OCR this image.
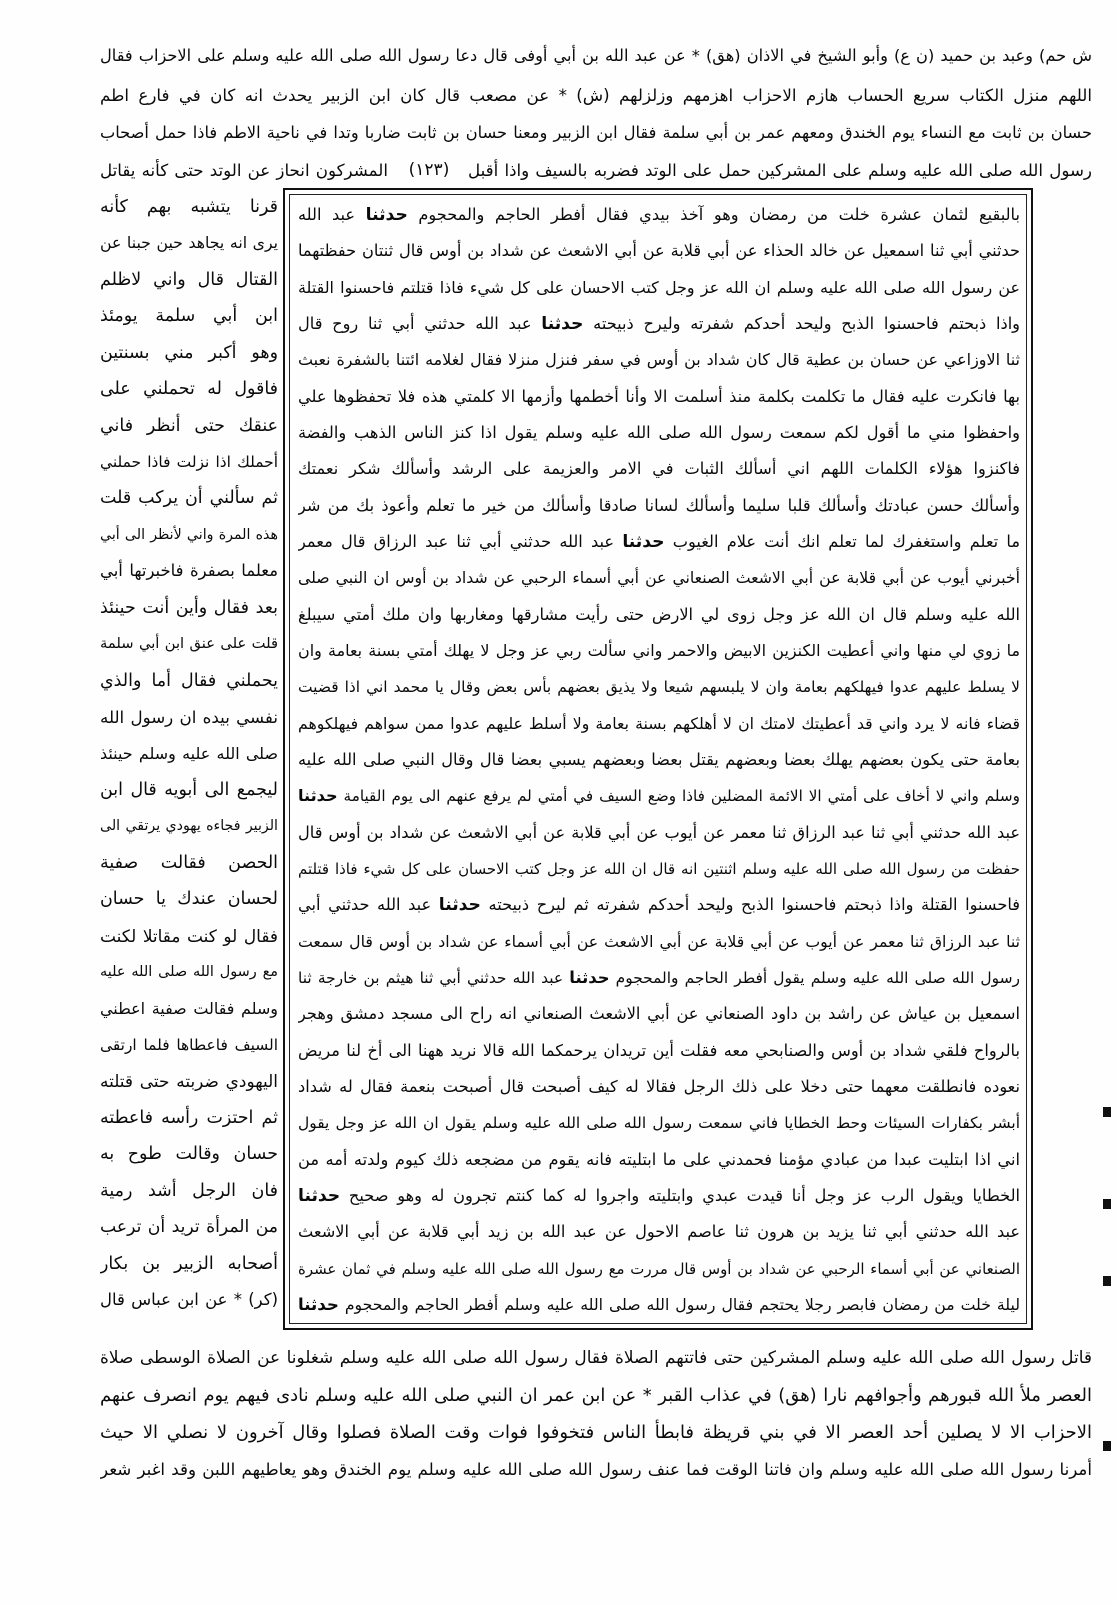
ش حم) وعبد بن حميد (ن ع) وأبو الشيخ في الاذان (هق) * عن عبد الله بن أبي أوفى قال دعا رسول الله صلى الله عليه وسلم على الاحزاب فقال
اللهم منزل الكتاب سريع الحساب هازم الاحزاب اهزمهم وزلزلهم (ش) * عن مصعب قال كان ابن الزبير يحدث انه كان في فارع اطم
حسان بن ثابت مع النساء يوم الخندق ومعهم عمر بن أبي سلمة فقال ابن الزبير ومعنا حسان بن ثابت ضاربا وتدا في ناحية الاطم فاذا حمل أصحاب
رسول الله صلى الله عليه وسلم على المشركين حمل على الوتد فضربه بالسيف واذا أقبل
(١٢٣)
المشركون انحاز عن الوتد حتى كأنه يقاتل
بالبقيع لثمان عشرة خلت من رمضان وهو آخذ بيدي فقال أفطر الحاجم والمحجوم حدثنا عبد الله
حدثني أبي ثنا اسمعيل عن خالد الحذاء عن أبي قلابة عن أبي الاشعث عن شداد بن أوس قال ثنتان حفظتهما
عن رسول الله صلى الله عليه وسلم ان الله عز وجل كتب الاحسان على كل شيء فاذا قتلتم فاحسنوا القتلة
واذا ذبحتم فاحسنوا الذبح وليحد أحدكم شفرته وليرح ذبيحته حدثنا عبد الله حدثني أبي ثنا روح قال
ثنا الاوزاعي عن حسان بن عطية قال كان شداد بن أوس في سفر فنزل منزلا فقال لغلامه ائتنا بالشفرة نعبث
بها فانكرت عليه فقال ما تكلمت بكلمة منذ أسلمت الا وأنا أخطمها وأزمها الا كلمتي هذه فلا تحفظوها علي
واحفظوا مني ما أقول لكم سمعت رسول الله صلى الله عليه وسلم يقول اذا كنز الناس الذهب والفضة
فاكنزوا هؤلاء الكلمات اللهم اني أسألك الثبات في الامر والعزيمة على الرشد وأسألك شكر نعمتك
وأسألك حسن عبادتك وأسألك قلبا سليما وأسألك لسانا صادقا وأسألك من خير ما تعلم وأعوذ بك من شر
ما تعلم واستغفرك لما تعلم انك أنت علام الغيوب حدثنا عبد الله حدثني أبي ثنا عبد الرزاق قال معمر
أخبرني أيوب عن أبي قلابة عن أبي الاشعث الصنعاني عن أبي أسماء الرحبي عن شداد بن أوس ان النبي صلى
الله عليه وسلم قال ان الله عز وجل زوى لي الارض حتى رأيت مشارقها ومغاربها وان ملك أمتي سيبلغ
ما زوي لي منها واني أعطيت الكنزين الابيض والاحمر واني سألت ربي عز وجل لا يهلك أمتي بسنة بعامة وان
لا يسلط عليهم عدوا فيهلكهم بعامة وان لا يلبسهم شيعا ولا يذيق بعضهم بأس بعض وقال يا محمد اني اذا قضيت
قضاء فانه لا يرد واني قد أعطيتك لامتك ان لا أهلكهم بسنة بعامة ولا أسلط عليهم عدوا ممن سواهم فيهلكوهم
بعامة حتى يكون بعضهم يهلك بعضا وبعضهم يقتل بعضا وبعضهم يسبي بعضا قال وقال النبي صلى الله عليه
وسلم واني لا أخاف على أمتي الا الائمة المضلين فاذا وضع السيف في أمتي لم يرفع عنهم الى يوم القيامة حدثنا
عبد الله حدثني أبي ثنا عبد الرزاق ثنا معمر عن أيوب عن أبي قلابة عن أبي الاشعث عن شداد بن أوس قال
حفظت من رسول الله صلى الله عليه وسلم اثنتين انه قال ان الله عز وجل كتب الاحسان على كل شيء فاذا قتلتم
فاحسنوا القتلة واذا ذبحتم فاحسنوا الذبح وليحد أحدكم شفرته ثم ليرح ذبيحته حدثنا عبد الله حدثني أبي
ثنا عبد الرزاق ثنا معمر عن أيوب عن أبي قلابة عن أبي الاشعث عن أبي أسماء عن شداد بن أوس قال سمعت
رسول الله صلى الله عليه وسلم يقول أفطر الحاجم والمحجوم حدثنا عبد الله حدثني أبي ثنا هيثم بن خارجة ثنا
اسمعيل بن عياش عن راشد بن داود الصنعاني عن أبي الاشعث الصنعاني انه راح الى مسجد دمشق وهجر
بالرواح فلقي شداد بن أوس والصنابحي معه فقلت أين تريدان يرحمكما الله قالا نريد ههنا الى أخ لنا مريض
نعوده فانطلقت معهما حتى دخلا على ذلك الرجل فقالا له كيف أصبحت قال أصبحت بنعمة فقال له شداد
أبشر بكفارات السيئات وحط الخطايا فاني سمعت رسول الله صلى الله عليه وسلم يقول ان الله عز وجل يقول
اني اذا ابتليت عبدا من عبادي مؤمنا فحمدني على ما ابتليته فانه يقوم من مضجعه ذلك كيوم ولدته أمه من
الخطايا ويقول الرب عز وجل أنا قيدت عبدي وابتليته واجروا له كما كنتم تجرون له وهو صحيح حدثنا
عبد الله حدثني أبي ثنا يزيد بن هرون ثنا عاصم الاحول عن عبد الله بن زيد أبي قلابة عن أبي الاشعث
الصنعاني عن أبي أسماء الرحبي عن شداد بن أوس قال مررت مع رسول الله صلى الله عليه وسلم في ثمان عشرة
ليلة خلت من رمضان فابصر رجلا يحتجم فقال رسول الله صلى الله عليه وسلم أفطر الحاجم والمحجوم حدثنا
قرنا يتشبه بهم كأنه
يرى انه يجاهد حين جبنا عن
القتال قال واني لاظلم
ابن أبي سلمة يومئذ
وهو أكبر مني بسنتين
فاقول له تحملني على
عنقك حتى أنظر فاني
أحملك اذا نزلت فاذا حملني
ثم سألني أن يركب قلت
هذه المرة واني لأنظر الى أبي
معلما بصفرة فاخبرتها أبي
بعد فقال وأين أنت حينئذ
قلت على عنق ابن أبي سلمة
يحملني فقال أما والذي
نفسي بيده ان رسول الله
صلى الله عليه وسلم حينئذ
ليجمع الى أبويه قال ابن
الزبير فجاءه يهودي يرتقي الى
الحصن فقالت صفية
لحسان عندك يا حسان
فقال لو كنت مقاتلا لكنت
مع رسول الله صلى الله عليه
وسلم فقالت صفية اعطني
السيف فاعطاها فلما ارتقى
اليهودي ضربته حتى قتلته
ثم احتزت رأسه فاعطته
حسان وقالت طوح به
فان الرجل أشد رمية
من المرأة تريد أن ترعب
أصحابه الزبير بن بكار
(كر) * عن ابن عباس قال
قاتل رسول الله صلى الله عليه وسلم المشركين حتى فاتتهم الصلاة فقال رسول الله صلى الله عليه وسلم شغلونا عن الصلاة الوسطى صلاة
العصر ملأ الله قبورهم وأجوافهم نارا (هق) في عذاب القبر * عن ابن عمر ان النبي صلى الله عليه وسلم نادى فيهم يوم انصرف عنهم
الاحزاب الا لا يصلين أحد العصر الا في بني قريظة فابطأ الناس فتخوفوا فوات وقت الصلاة فصلوا وقال آخرون لا نصلي الا حيث
أمرنا رسول الله صلى الله عليه وسلم وان فاتنا الوقت فما عنف رسول الله صلى الله عليه وسلم يوم الخندق وهو يعاطيهم اللبن وقد اغبر شعر
